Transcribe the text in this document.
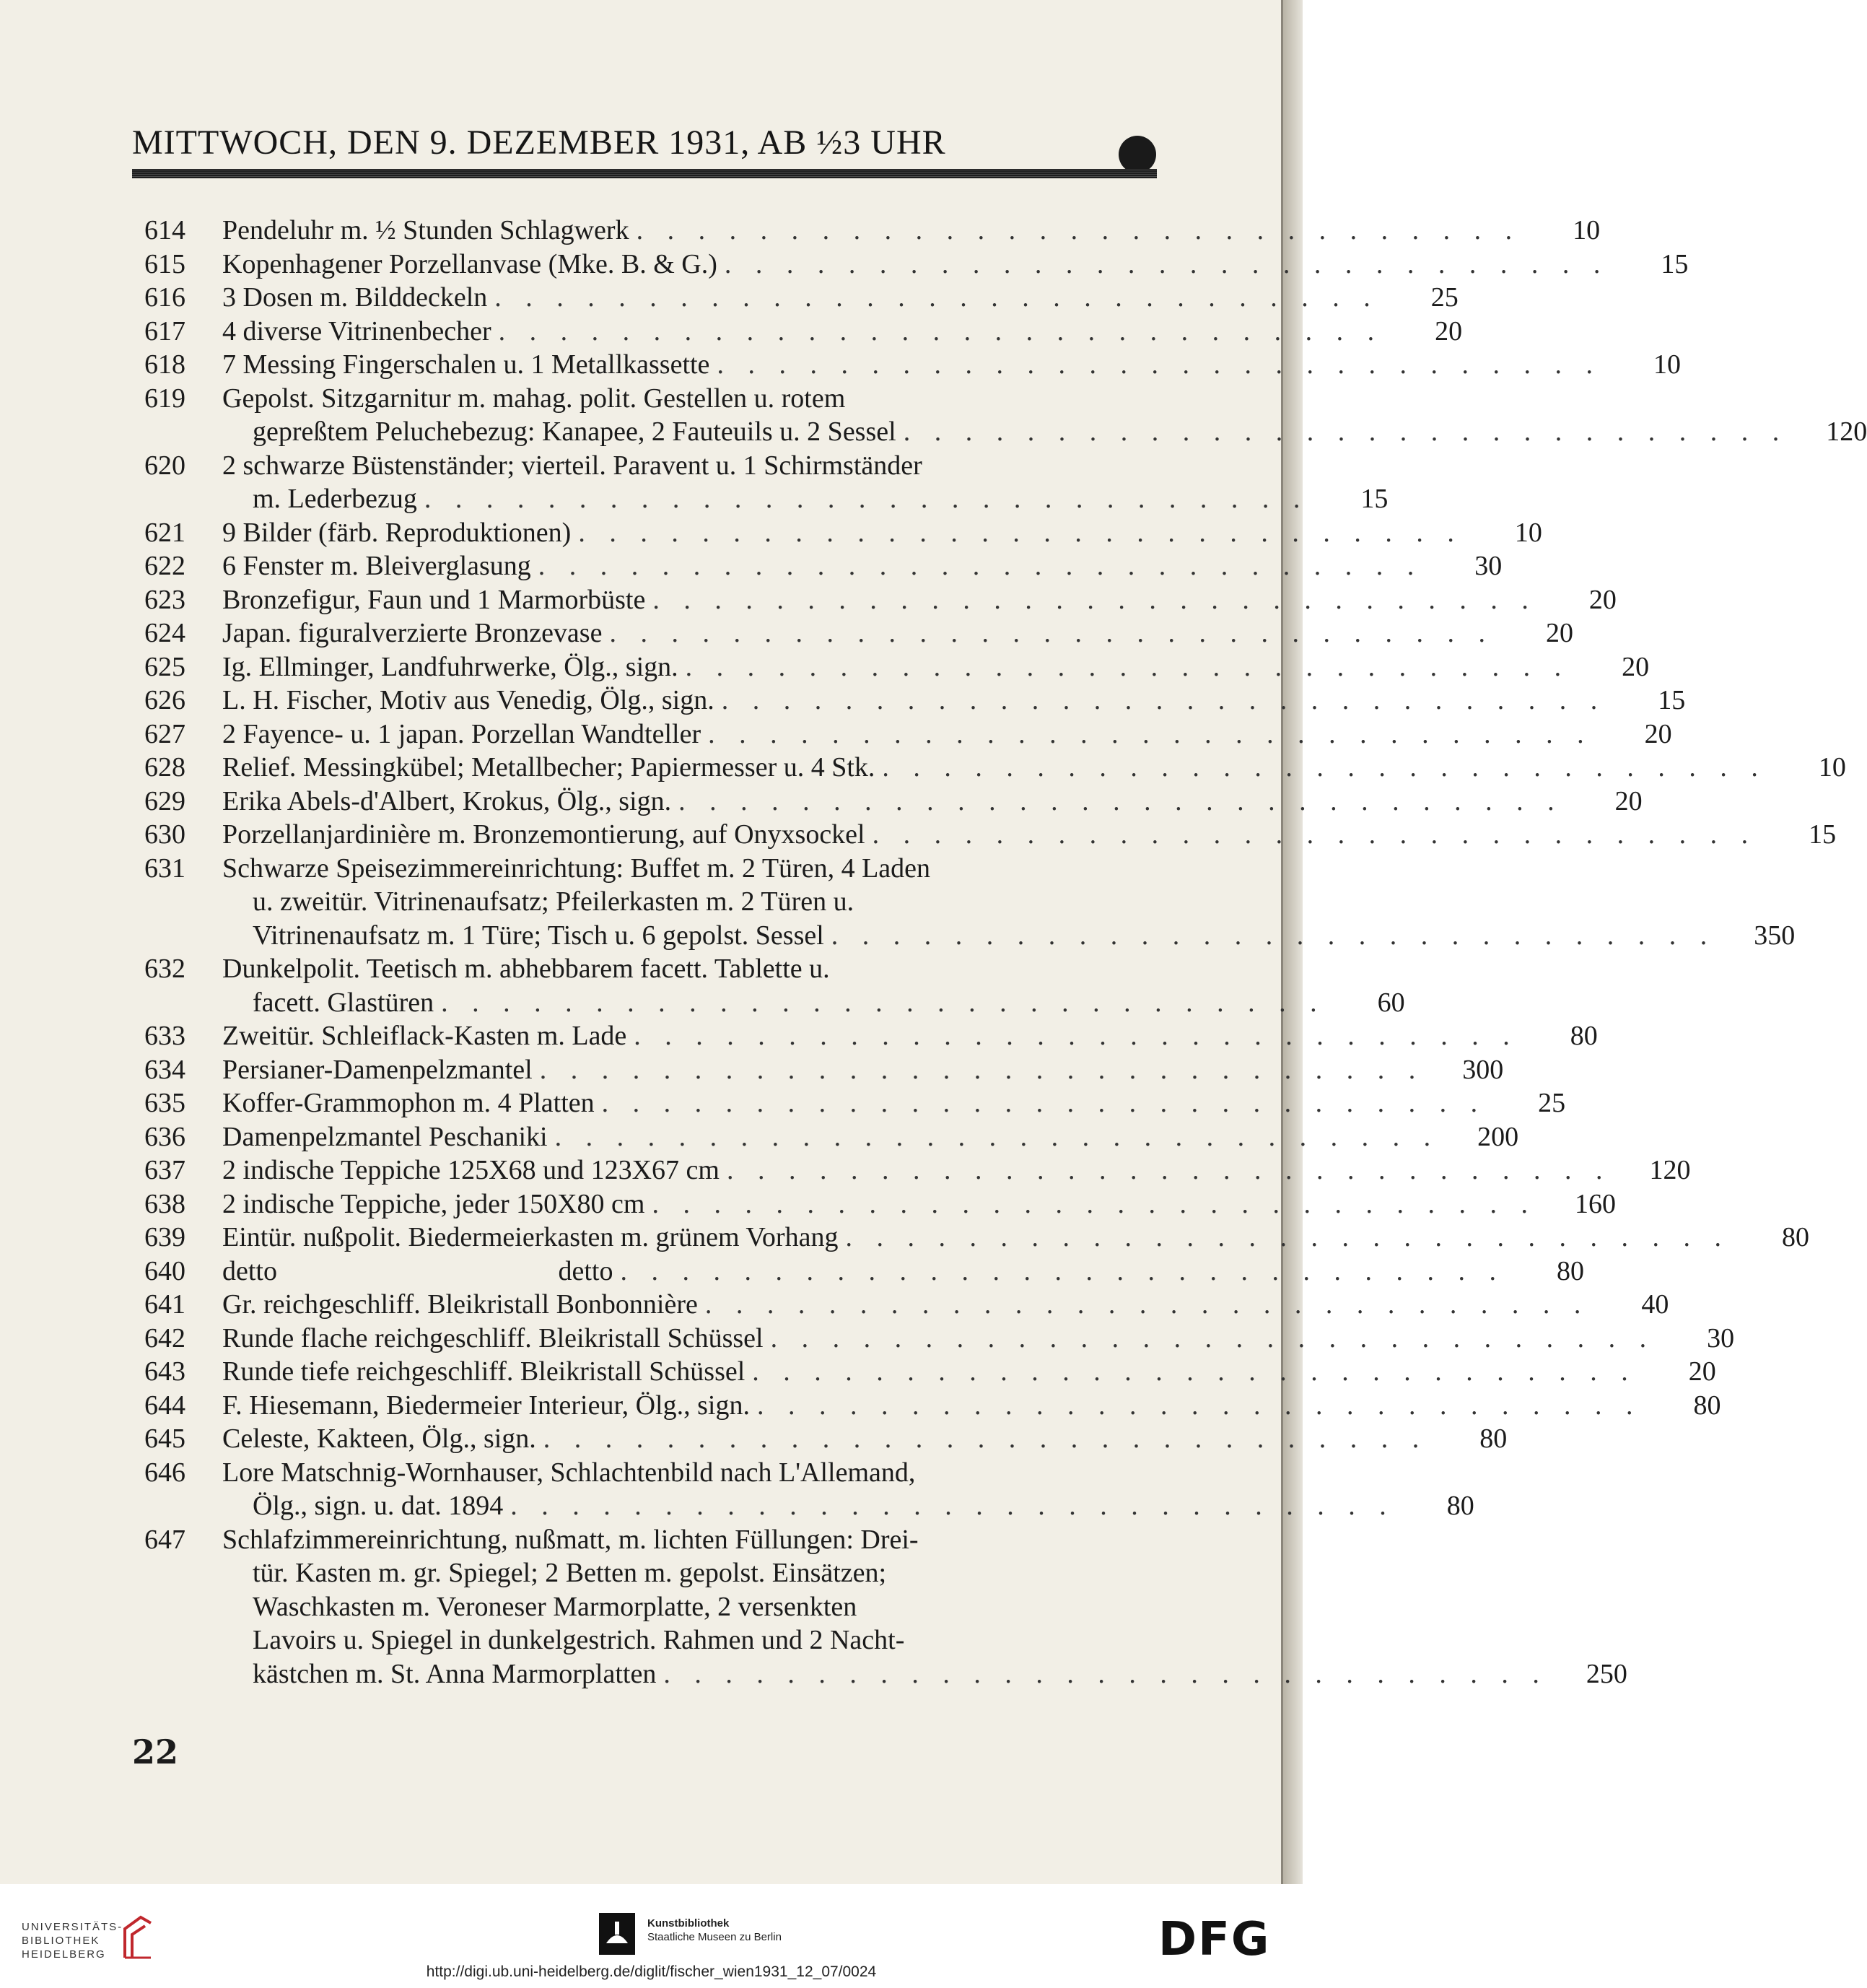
MITTWOCH, DEN 9. DEZEMBER 1931, AB ½3 UHR
614	Pendeluhr m. ½ Stunden Schlagwerk . . . . . . . . . . . . . . . . . . . . . . . . . . . . .	10
615	Kopenhagener Porzellanvase (Mke. B. & G.) . . . . . . . . . . . . . . . . . . . . . . . . . . . . .	15
616	3 Dosen m. Bilddeckeln . . . . . . . . . . . . . . . . . . . . . . . . . . . . .	25
617	4 diverse Vitrinenbecher . . . . . . . . . . . . . . . . . . . . . . . . . . . . .	20
618	7 Messing Fingerschalen u. 1 Metallkassette . . . . . . . . . . . . . . . . . . . . . . . . . . . . .	10
619	Gepolst. Sitzgarnitur m. mahag. polit. Gestellen u. rotem
gepreßtem Peluchebezug: Kanapee, 2 Fauteuils u. 2 Sessel . . . . . . . . . . . . . . . . . . . . . . . . . . . . .	120
620	2 schwarze Büstenständer; vierteil. Paravent u. 1 Schirmständer
m. Lederbezug . . . . . . . . . . . . . . . . . . . . . . . . . . . . .	15
621	9 Bilder (färb. Reproduktionen) . . . . . . . . . . . . . . . . . . . . . . . . . . . . .	10
622	6 Fenster m. Bleiverglasung . . . . . . . . . . . . . . . . . . . . . . . . . . . . .	30
623	Bronzefigur, Faun und 1 Marmorbüste . . . . . . . . . . . . . . . . . . . . . . . . . . . . .	20
624	Japan. figuralverzierte Bronzevase . . . . . . . . . . . . . . . . . . . . . . . . . . . . .	20
625	Ig. Ellminger, Landfuhrwerke, Ölg., sign. . . . . . . . . . . . . . . . . . . . . . . . . . . . . .	20
626	L. H. Fischer, Motiv aus Venedig, Ölg., sign. . . . . . . . . . . . . . . . . . . . . . . . . . . . . .	15
627	2 Fayence- u. 1 japan. Porzellan Wandteller . . . . . . . . . . . . . . . . . . . . . . . . . . . . .	20
628	Relief. Messingkübel; Metallbecher; Papiermesser u. 4 Stk. . . . . . . . . . . . . . . . . . . . . . . . . . . . . .	10
629	Erika Abels-d'Albert, Krokus, Ölg., sign. . . . . . . . . . . . . . . . . . . . . . . . . . . . . .	20
630	Porzellanjardinière m. Bronzemontierung, auf Onyxsockel . . . . . . . . . . . . . . . . . . . . . . . . . . . . .	15
631	Schwarze Speisezimmereinrichtung: Buffet m. 2 Türen, 4 Laden
u. zweitür. Vitrinenaufsatz; Pfeilerkasten m. 2 Türen u.
Vitrinenaufsatz m. 1 Türe; Tisch u. 6 gepolst. Sessel . . . . . . . . . . . . . . . . . . . . . . . . . . . . .	350
632	Dunkelpolit. Teetisch m. abhebbarem facett. Tablette u.
facett. Glastüren . . . . . . . . . . . . . . . . . . . . . . . . . . . . .	60
633	Zweitür. Schleiflack-Kasten m. Lade . . . . . . . . . . . . . . . . . . . . . . . . . . . . .	80
634	Persianer-Damenpelzmantel . . . . . . . . . . . . . . . . . . . . . . . . . . . . .	300
635	Koffer-Grammophon m. 4 Platten . . . . . . . . . . . . . . . . . . . . . . . . . . . . .	25
636	Damenpelzmantel Peschaniki . . . . . . . . . . . . . . . . . . . . . . . . . . . . .	200
637	2 indische Teppiche 125X68 und 123X67 cm . . . . . . . . . . . . . . . . . . . . . . . . . . . . .	120
638	2 indische Teppiche, jeder 150X80 cm . . . . . . . . . . . . . . . . . . . . . . . . . . . . .	160
639	Eintür. nußpolit. Biedermeierkasten m. grünem Vorhang . . . . . . . . . . . . . . . . . . . . . . . . . . . . .	80
640	detto                                         detto . . . . . . . . . . . . . . . . . . . . . . . . . . . . .	80
641	Gr. reichgeschliff. Bleikristall Bonbonnière . . . . . . . . . . . . . . . . . . . . . . . . . . . . .	40
642	Runde flache reichgeschliff. Bleikristall Schüssel . . . . . . . . . . . . . . . . . . . . . . . . . . . . .	30
643	Runde tiefe reichgeschliff. Bleikristall Schüssel . . . . . . . . . . . . . . . . . . . . . . . . . . . . .	20
644	F. Hiesemann, Biedermeier Interieur, Ölg., sign. . . . . . . . . . . . . . . . . . . . . . . . . . . . . .	80
645	Celeste, Kakteen, Ölg., sign. . . . . . . . . . . . . . . . . . . . . . . . . . . . . .	80
646	Lore Matschnig-Wornhauser, Schlachtenbild nach L'Allemand,
Ölg., sign. u. dat. 1894 . . . . . . . . . . . . . . . . . . . . . . . . . . . . .	80
647	Schlafzimmereinrichtung, nußmatt, m. lichten Füllungen: Drei-
tür. Kasten m. gr. Spiegel; 2 Betten m. gepolst. Einsätzen;
Waschkasten m. Veroneser Marmorplatte, 2 versenkten
Lavoirs u. Spiegel in dunkelgestrich. Rahmen und 2 Nacht-
kästchen m. St. Anna Marmorplatten . . . . . . . . . . . . . . . . . . . . . . . . . . . . .	250
22
UNIVERSITÄTS-
BIBLIOTHEK
HEIDELBERG
Kunstbibliothek
Staatliche Museen zu Berlin	DFG
http://digi.ub.uni-heidelberg.de/diglit/fischer_wien1931_12_07/0024
